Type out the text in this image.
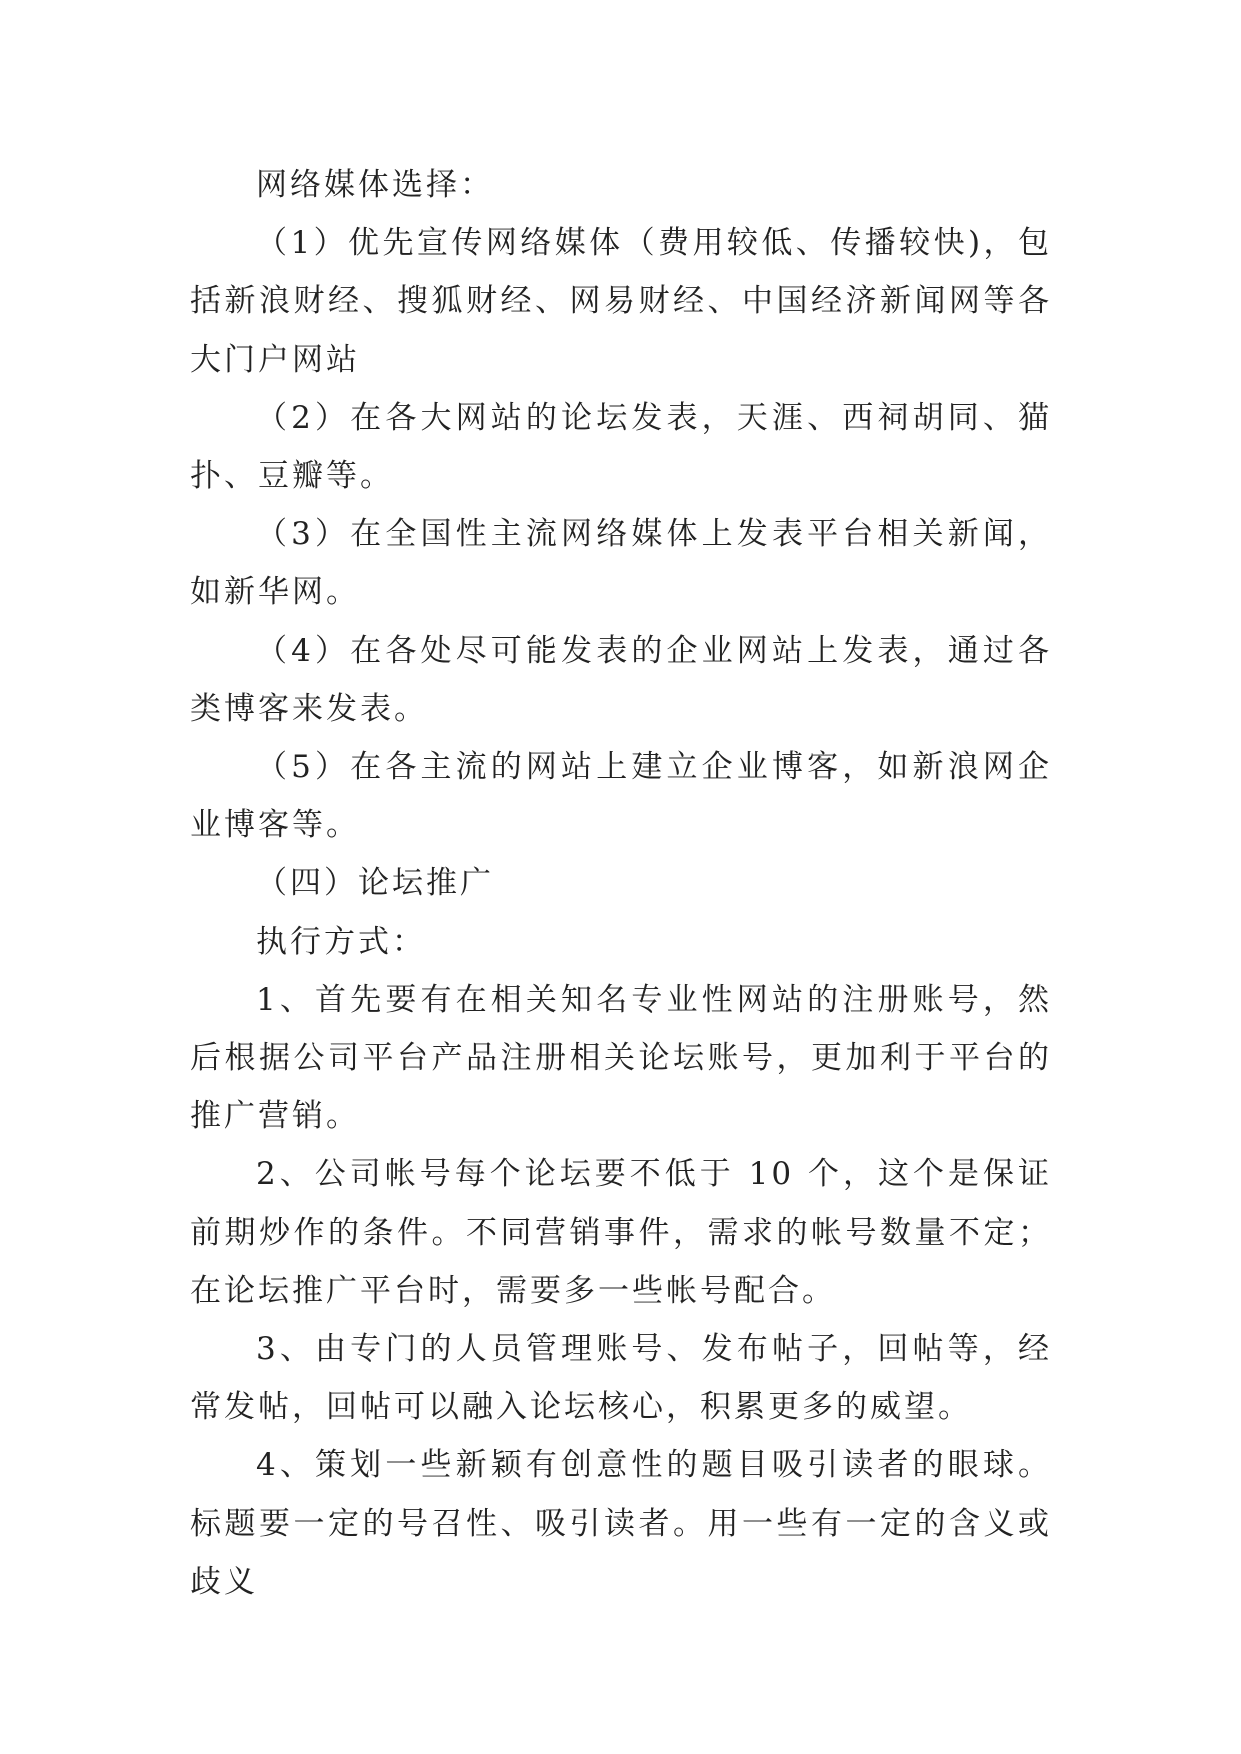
网络媒体选择：

（1）优先宣传网络媒体（费用较低、传播较快)，包括新浪财经、搜狐财经、网易财经、中国经济新闻网等各大门户网站

（2）在各大网站的论坛发表，天涯、西祠胡同、猫扑、豆瓣等。

（3）在全国性主流网络媒体上发表平台相关新闻，如新华网。

（4）在各处尽可能发表的企业网站上发表，通过各类博客来发表。

（5）在各主流的网站上建立企业博客，如新浪网企业博客等。

（四）论坛推广

执行方式：

1、首先要有在相关知名专业性网站的注册账号，然后根据公司平台产品注册相关论坛账号，更加利于平台的推广营销。

2、公司帐号每个论坛要不低于 10 个，这个是保证前期炒作的条件。不同营销事件，需求的帐号数量不定；在论坛推广平台时，需要多一些帐号配合。

3、由专门的人员管理账号、发布帖子，回帖等，经常发帖，回帖可以融入论坛核心，积累更多的威望。

4、策划一些新颖有创意性的题目吸引读者的眼球。标题要一定的号召性、吸引读者。用一些有一定的含义或歧义
